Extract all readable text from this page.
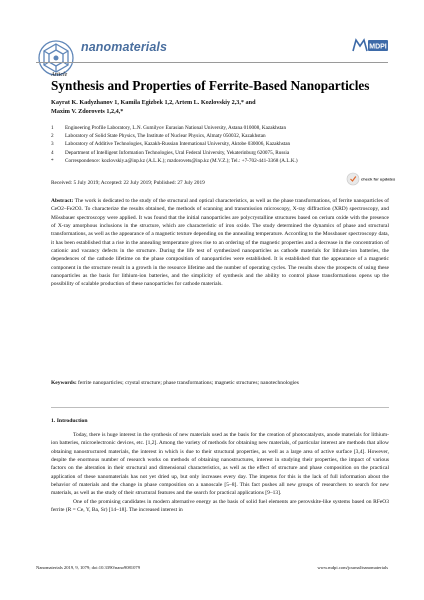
nanomaterials	MDPI
Article
Synthesis and Properties of Ferrite-Based Nanoparticles
Kayrat K. Kadyzhanov 1, Kamila Egizbek 1,2, Artem L. Kozlovskiy 2,3,* and
Maxim V. Zdorovets 1,2,4,*
1	Engineering Profile Laboratory, L.N. Gumilyov Eurasian National University, Astana 010008, Kazakhstan
2	Laboratory of Solid State Physics, The Institute of Nuclear Physics, Almaty 050032, Kazakhstan
3	Laboratory of Additive Technologies, Kazakh-Russian International University, Aktobe 030006, Kazakhstan
4	Department of Intelligent Information Technologies, Ural Federal University, Yekaterinburg 620075, Russia
*	Correspondence: kozlovskiy.a@inp.kz (A.L.K.); mzdorovets@inp.kz (M.V.Z.); Tel.: +7-702-441-3368 (A.L.K.)
check for updates
Received: 5 July 2019; Accepted: 22 July 2019; Published: 27 July 2019
Abstract: The work is dedicated to the study of the structural and optical characteristics, as well as the phase transformations, of ferrite nanoparticles of CeO2–Fe2O3. To characterize the results obtained, the methods of scanning and transmission microscopy, X-ray diffraction (XRD) spectroscopy, and Mössbauer spectroscopy were applied. It was found that the initial nanoparticles are polycrystalline structures based on cerium oxide with the presence of X-ray amorphous inclusions in the structure, which are characteristic of iron oxide. The study determined the dynamics of phase and structural transformations, as well as the appearance of a magnetic texture depending on the annealing temperature. According to the Mossbauer spectroscopy data, it has been established that a rise in the annealing temperature gives rise to an ordering of the magnetic properties and a decrease in the concentration of cationic and vacancy defects in the structure. During the life test of synthesized nanoparticles as cathode materials for lithium-ion batteries, the dependences of the cathode lifetime on the phase composition of nanoparticles were established. It is established that the appearance of a magnetic component in the structure result in a growth in the resource lifetime and the number of operating cycles. The results show the prospects of using these nanoparticles as the basis for lithium-ion batteries, and the simplicity of synthesis and the ability to control phase transformations opens up the possibility of scalable production of these nanoparticles for cathode materials.
Keywords: ferrite nanoparticles; crystal structure; phase transformations; magnetic structures; nanotechnologies
1. Introduction

Today, there is huge interest in the synthesis of new materials used as the basis for the creation of photocatalysts, anode materials for lithium-ion batteries, microelectronic devices, etc. [1,2]. Among the variety of methods for obtaining new materials, of particular interest are methods that allow obtaining nanostructured materials, the interest in which is due to their structural properties, as well as a large area of active surface [3,4]. However, despite the enormous number of research works on methods of obtaining nanostructures, interest in studying their properties, the impact of various factors on the alteration in their structural and dimensional characteristics, as well as the effect of structure and phase composition on the practical application of these nanomaterials has not yet dried up, but only increases every day. The impetus for this is the lack of full information about the behavior of materials and the change in phase composition on a nanoscale [5–8]. This fact pushes all new groups of researchers to search for new materials, as well as the study of their structural features and the search for practical applications [9–13].

One of the promising candidates in modern alternative energy as the basis of solid fuel elements are perovskite-like systems based on RFeO3 ferrite (R = Ce, Y, Ba, Sr) [14–18]. The increased interest in

Nanomaterials 2019, 9, 1079; doi:10.3390/nano9081079	www.mdpi.com/journal/nanomaterials
